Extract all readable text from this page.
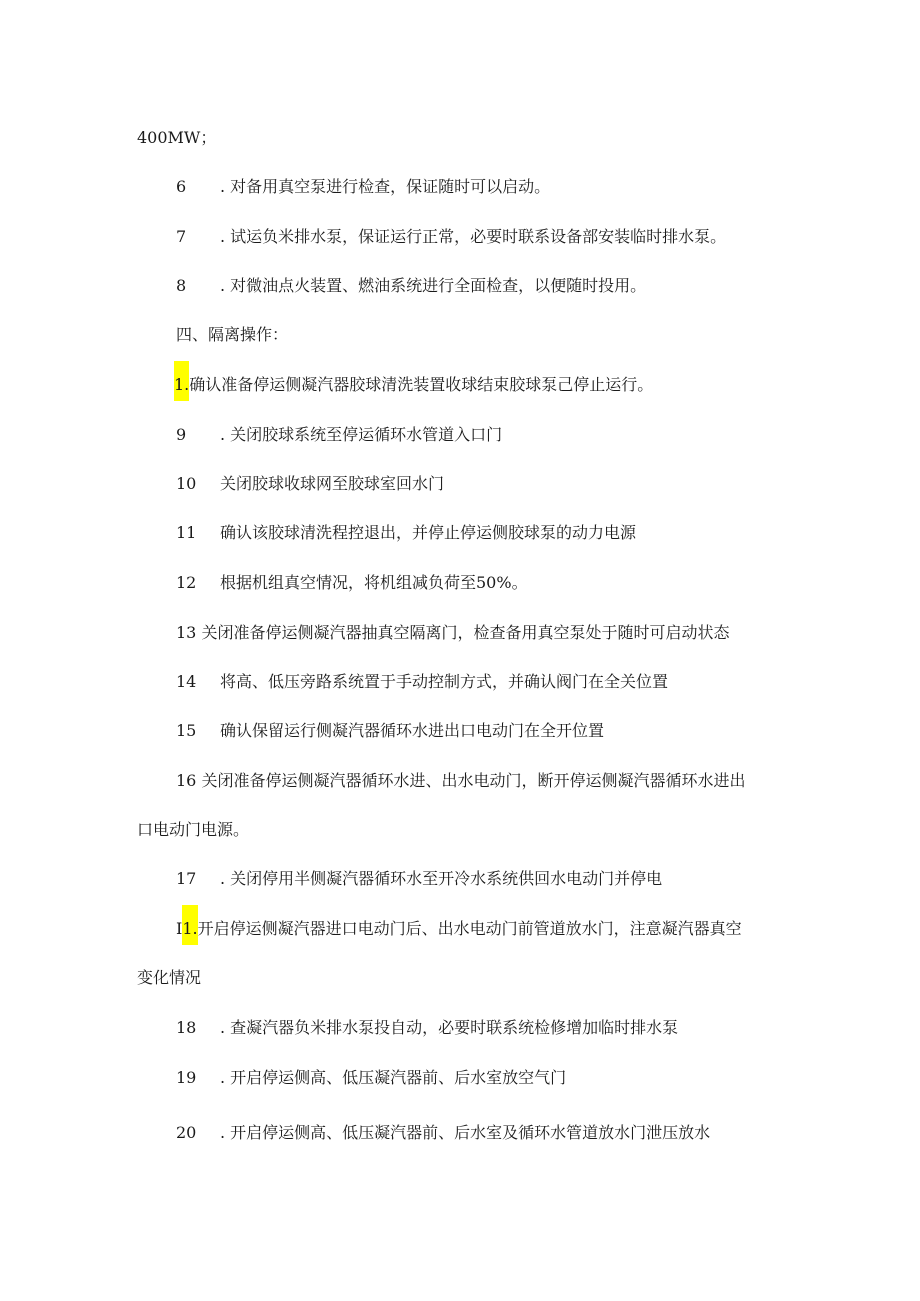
400MW；
6 . 对备用真空泵进行检查，保证随时可以启动。
7 . 试运负米排水泵，保证运行正常，必要时联系设备部安装临时排水泵。
8 . 对微油点火装置、燃油系统进行全面检查，以便随时投用。
四、隔离操作：
1.确认准备停运侧凝汽器胶球清洗装置收球结束胶球泵己停止运行。
9 . 关闭胶球系统至停运循环水管道入口门
10 关闭胶球收球网至胶球室回水门
11 确认该胶球清洗程控退出，并停止停运侧胶球泵的动力电源
12 根据机组真空情况，将机组减负荷至50%。
13 关闭准备停运侧凝汽器抽真空隔离门，检查备用真空泵处于随时可启动状态
14 将高、低压旁路系统置于手动控制方式，并确认阀门在全关位置
15 确认保留运行侧凝汽器循环水进出口电动门在全开位置
16 关闭准备停运侧凝汽器循环水进、出水电动门，断开停运侧凝汽器循环水进出
口电动门电源。
17 . 关闭停用半侧凝汽器循环水至开冷水系统供回水电动门并停电
I1.开启停运侧凝汽器进口电动门后、出水电动门前管道放水门，注意凝汽器真空
变化情况
18 . 查凝汽器负米排水泵投自动，必要时联系统检修增加临时排水泵
19 . 开启停运侧高、低压凝汽器前、后水室放空气门
20 . 开启停运侧高、低压凝汽器前、后水室及循环水管道放水门泄压放水
